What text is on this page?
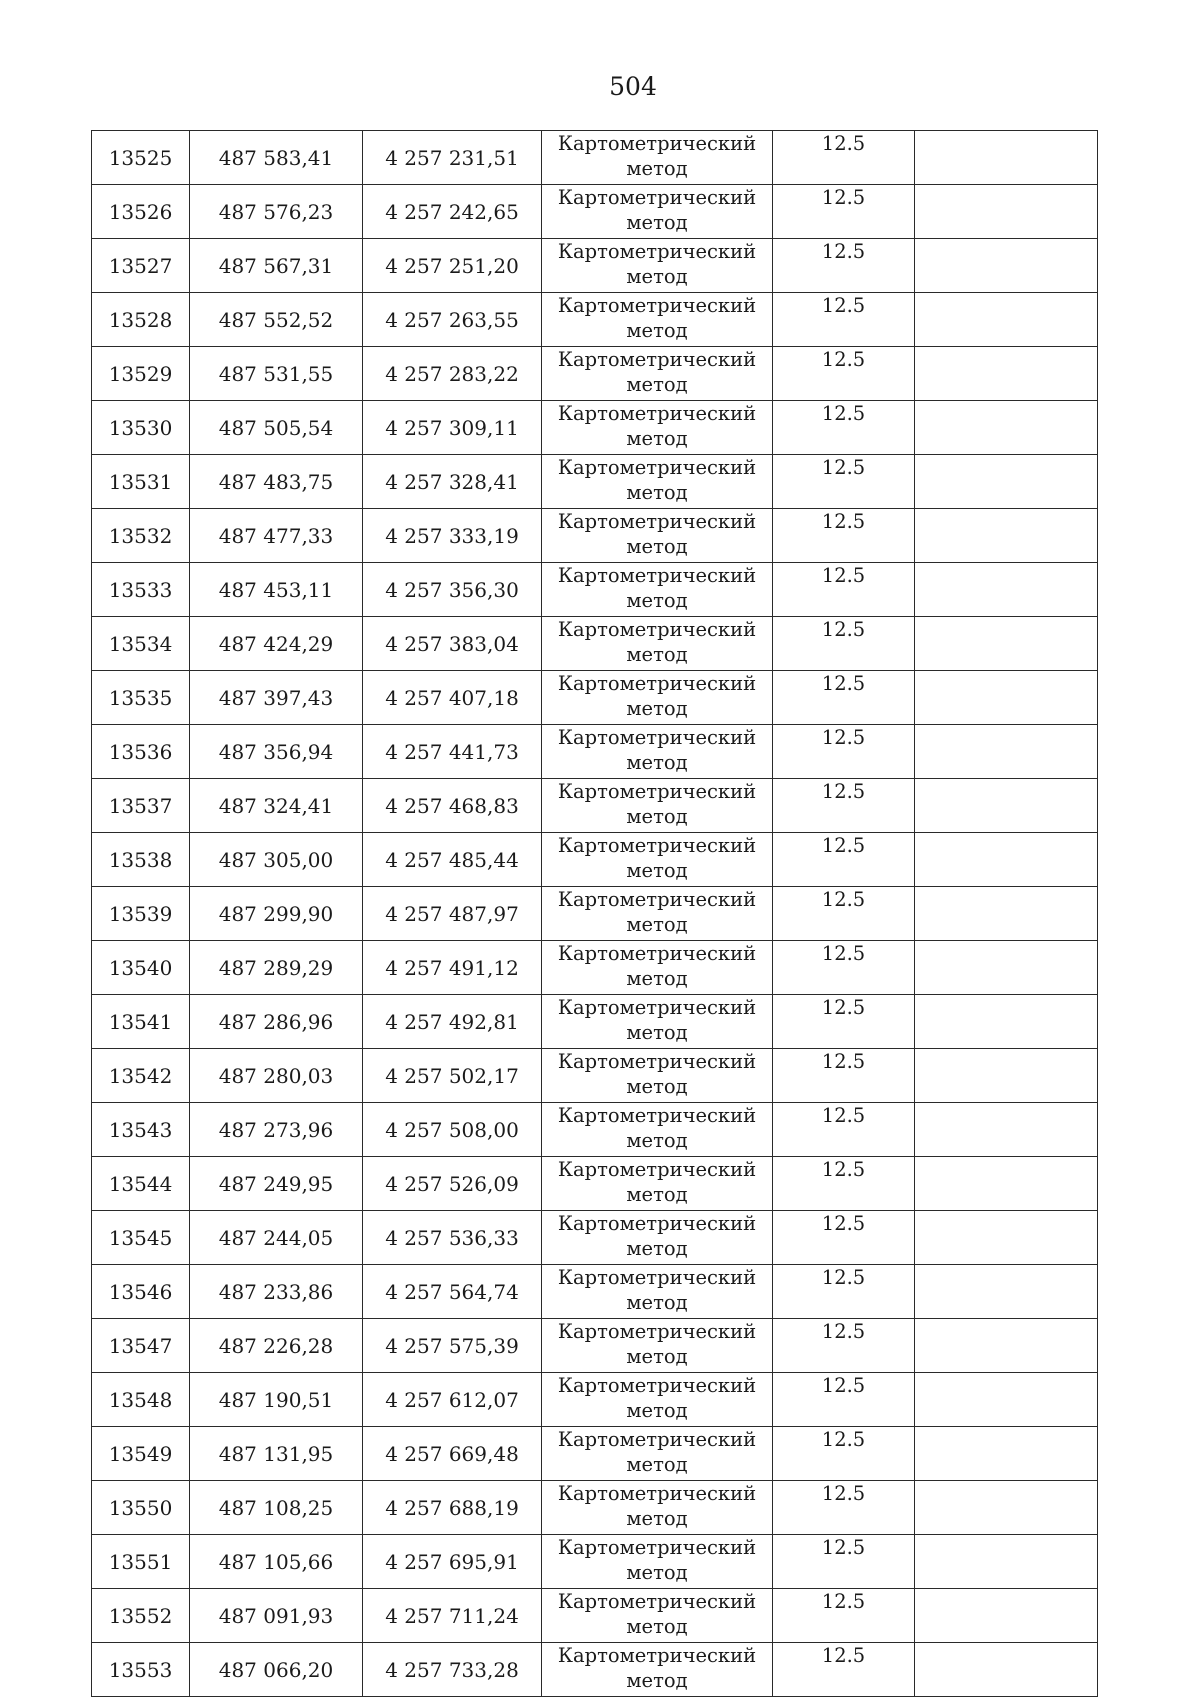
504
13525	487 583,41	4 257 231,51	Картометрический
метод	12.5	
13526	487 576,23	4 257 242,65	Картометрический
метод	12.5	
13527	487 567,31	4 257 251,20	Картометрический
метод	12.5	
13528	487 552,52	4 257 263,55	Картометрический
метод	12.5	
13529	487 531,55	4 257 283,22	Картометрический
метод	12.5	
13530	487 505,54	4 257 309,11	Картометрический
метод	12.5	
13531	487 483,75	4 257 328,41	Картометрический
метод	12.5	
13532	487 477,33	4 257 333,19	Картометрический
метод	12.5	
13533	487 453,11	4 257 356,30	Картометрический
метод	12.5	
13534	487 424,29	4 257 383,04	Картометрический
метод	12.5	
13535	487 397,43	4 257 407,18	Картометрический
метод	12.5	
13536	487 356,94	4 257 441,73	Картометрический
метод	12.5	
13537	487 324,41	4 257 468,83	Картометрический
метод	12.5	
13538	487 305,00	4 257 485,44	Картометрический
метод	12.5	
13539	487 299,90	4 257 487,97	Картометрический
метод	12.5	
13540	487 289,29	4 257 491,12	Картометрический
метод	12.5	
13541	487 286,96	4 257 492,81	Картометрический
метод	12.5	
13542	487 280,03	4 257 502,17	Картометрический
метод	12.5	
13543	487 273,96	4 257 508,00	Картометрический
метод	12.5	
13544	487 249,95	4 257 526,09	Картометрический
метод	12.5	
13545	487 244,05	4 257 536,33	Картометрический
метод	12.5	
13546	487 233,86	4 257 564,74	Картометрический
метод	12.5	
13547	487 226,28	4 257 575,39	Картометрический
метод	12.5	
13548	487 190,51	4 257 612,07	Картометрический
метод	12.5	
13549	487 131,95	4 257 669,48	Картометрический
метод	12.5	
13550	487 108,25	4 257 688,19	Картометрический
метод	12.5	
13551	487 105,66	4 257 695,91	Картометрический
метод	12.5	
13552	487 091,93	4 257 711,24	Картометрический
метод	12.5	
13553	487 066,20	4 257 733,28	Картометрический
метод	12.5	
